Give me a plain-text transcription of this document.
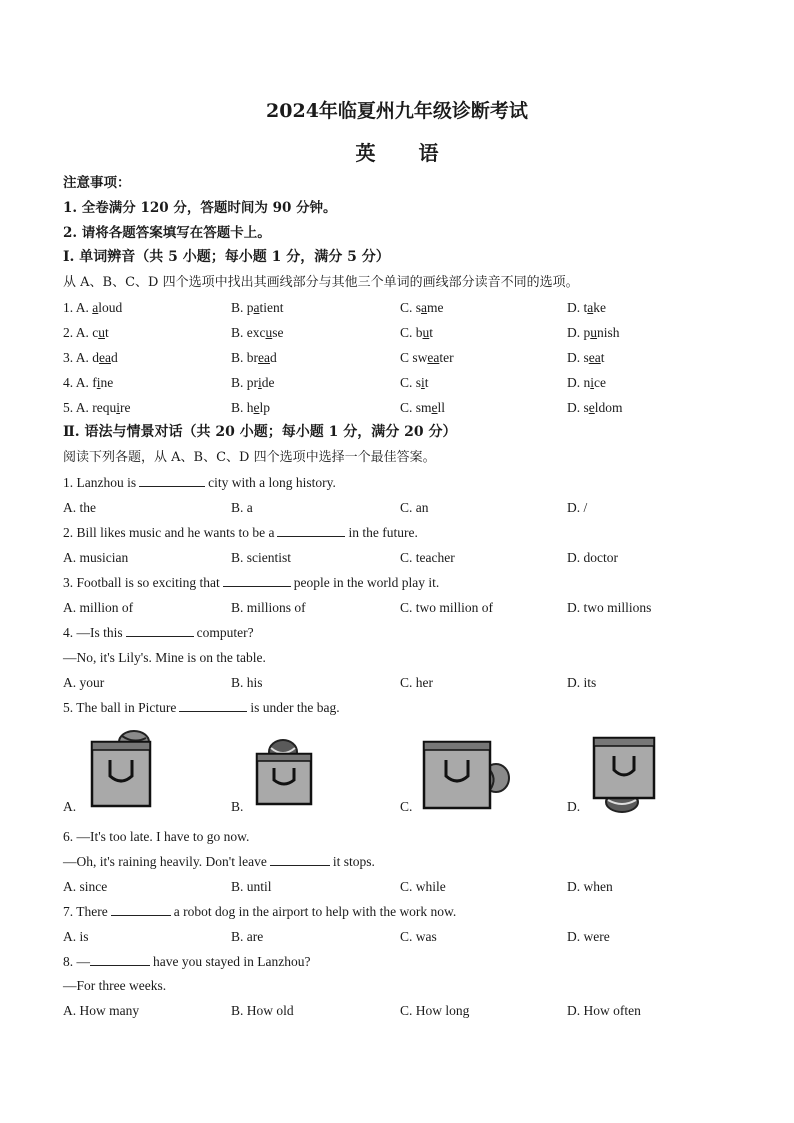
2024年临夏州九年级诊断考试
英 语
注意事项：
1. 全卷满分 120 分，答题时间为 90 分钟。
2. 请将各题答案填写在答题卡上。
Ⅰ. 单词辨音（共 5 小题；每小题 1 分，满分 5 分）
从 A、B、C、D 四个选项中找出其画线部分与其他三个单词的画线部分读音不同的选项。
1. A. aloud	B. patient	C. same	D. take
2. A. cut	B. excuse	C. but	D. punish
3. A. dead	B. bread	C sweater	D. seat
4. A. fine	B. pride	C. sit	D. nice
5. A. require	B. help	C. smell	D. seldom
Ⅱ. 语法与情景对话（共 20 小题；每小题 1 分，满分 20 分）
阅读下列各题，从 A、B、C、D 四个选项中选择一个最佳答案。
1. Lanzhou is	city with a long history.
A. the	B. a	C. an	D. /
2. Bill likes music and he wants to be a	in the future.
A. musician	B. scientist	C. teacher	D. doctor
3. Football is so exciting that	people in the world play it.
A. million of	B. millions of	C. two million of	D. two millions
4. —Is this	computer?
—No, it's Lily's. Mine is on the table.
A. your	B. his	C. her	D. its
5. The ball in Picture	is under the bag.
A.	B.	C.	D.
6. —It's too late. I have to go now.
—Oh, it's raining heavily. Don't leave	it stops.
A. since	B. until	C. while	D. when
7. There	a robot dog in the airport to help with the work now.
A. is	B. are	C. was	D. were
8. —	have you stayed in Lanzhou?
—For three weeks.
A. How many	B. How old	C. How long	D. How often
